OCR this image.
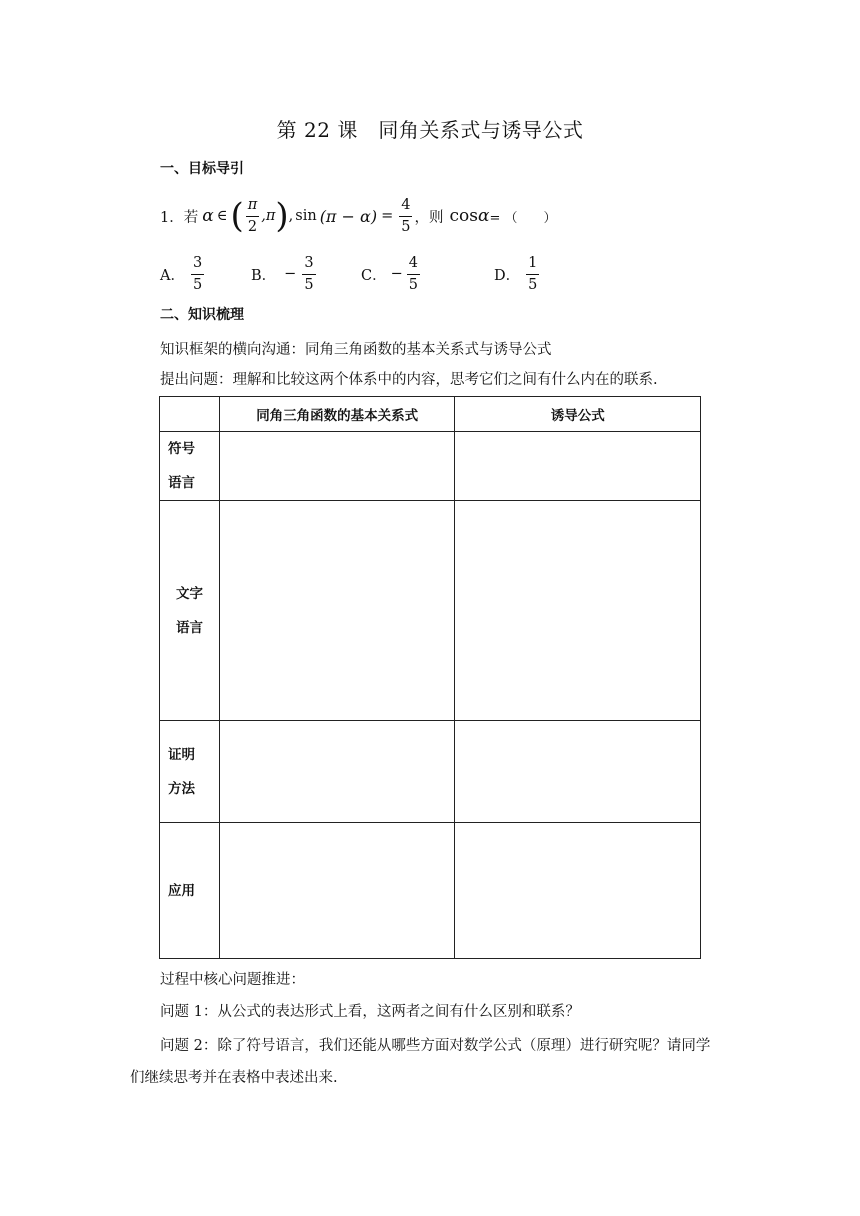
第 22 课　同角关系式与诱导公式
一、目标导引
1．若 α ∈ ( $\frac{\pi}{2} ,\pi$ ) , $\sin (\pi - \alpha) = \frac{4}{5}$ ，则 cos α = （　　）
A． $\frac{3}{5}$	B． − $\frac{3}{5}$	C． − $\frac{4}{5}$	D． $\frac{1}{5}$
二、知识梳理
知识框架的横向沟通：同角三角函数的基本关系式与诱导公式
提出问题：理解和比较这两个体系中的内容，思考它们之间有什么内在的联系.
	同角三角函数的基本关系式	诱导公式

符号
语言		

文字
语言		

证明
方法		

应用		

过程中核心问题推进：
问题 1：从公式的表达形式上看，这两者之间有什么区别和联系？
问题 2：除了符号语言，我们还能从哪些方面对数学公式（原理）进行研究呢？请同学
们继续思考并在表格中表述出来.
